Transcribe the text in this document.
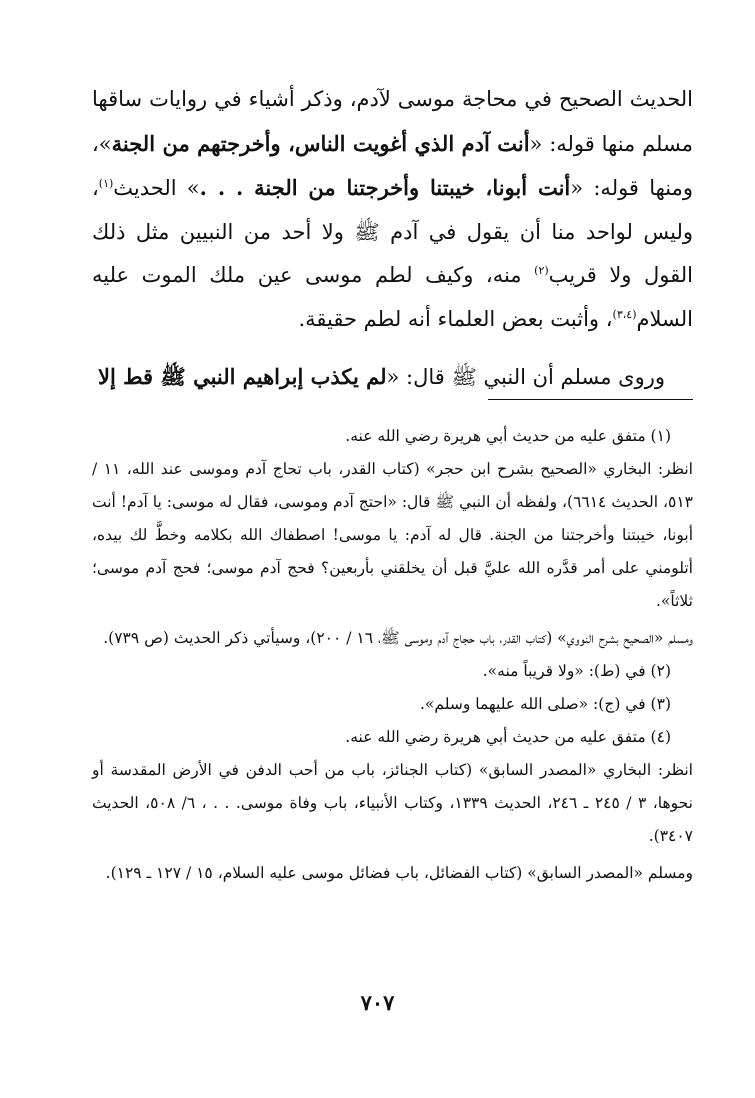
الحديث الصحيح في محاجة موسى لآدم، وذكر أشياء في روايات ساقها مسلم منها قوله: «أنت آدم الذي أغويت الناس، وأخرجتهم من الجنة»، ومنها قوله: «أنت أبونا، خيبتنا وأخرجتنا من الجنة . . .» الحديث$^{(١)}$، وليس لواحد منا أن يقول في آدم ﷺ ولا أحد من النبيين مثل ذلك القول ولا قريب$^{(٢)}$ منه، وكيف لطم موسى عين ملك الموت عليه السلام$^{(٣،٤)}$، وأثبت بعض العلماء أنه لطم حقيقة.

وروى مسلم أن النبي ﷺ قال: «لم يكذب إبراهيم النبي ﷺ قط إلا

(١) متفق عليه من حديث أبي هريرة رضي الله عنه.

انظر: البخاري «الصحيح بشرح ابن حجر» (كتاب القدر، باب تحاج آدم وموسى عند الله، ١١ / ٥١٣، الحديث ٦٦١٤)، ولفظه أن النبي ﷺ قال: «احتج آدم وموسى، فقال له موسى: يا آدم! أنت أبونا، خيبتنا وأخرجتنا من الجنة. قال له آدم: يا موسى! اصطفاك الله بكلامه وخطَّ لك بيده، أتلومني على أمر قدَّره الله عليَّ قبل أن يخلقني بأربعين؟ فحج آدم موسى؛ فحج آدم موسى؛ ثلاثاً».

ومسلم «الصحيح بشرح النووي» (كتاب القدر، باب حجاج آدم وموسى ﷺ، ١٦ / ٢٠٠)، وسيأتي ذكر الحديث (ص ٧٣٩).

(٢) في (ط): «ولا قريباً منه».

(٣) في (ج): «صلى الله عليهما وسلم».

(٤) متفق عليه من حديث أبي هريرة رضي الله عنه.

انظر: البخاري «المصدر السابق» (كتاب الجنائز، باب من أحب الدفن في الأرض المقدسة أو نحوها، ٣ / ٢٤٥ ـ ٢٤٦، الحديث ١٣٣٩، وكتاب الأنبياء، باب وفاة موسى. . . ، ٦/ ٥٠٨، الحديث ٣٤٠٧).

ومسلم «المصدر السابق» (كتاب الفضائل، باب فضائل موسى عليه السلام، ١٥ / ١٢٧ ـ ١٢٩).

٧٠٧
